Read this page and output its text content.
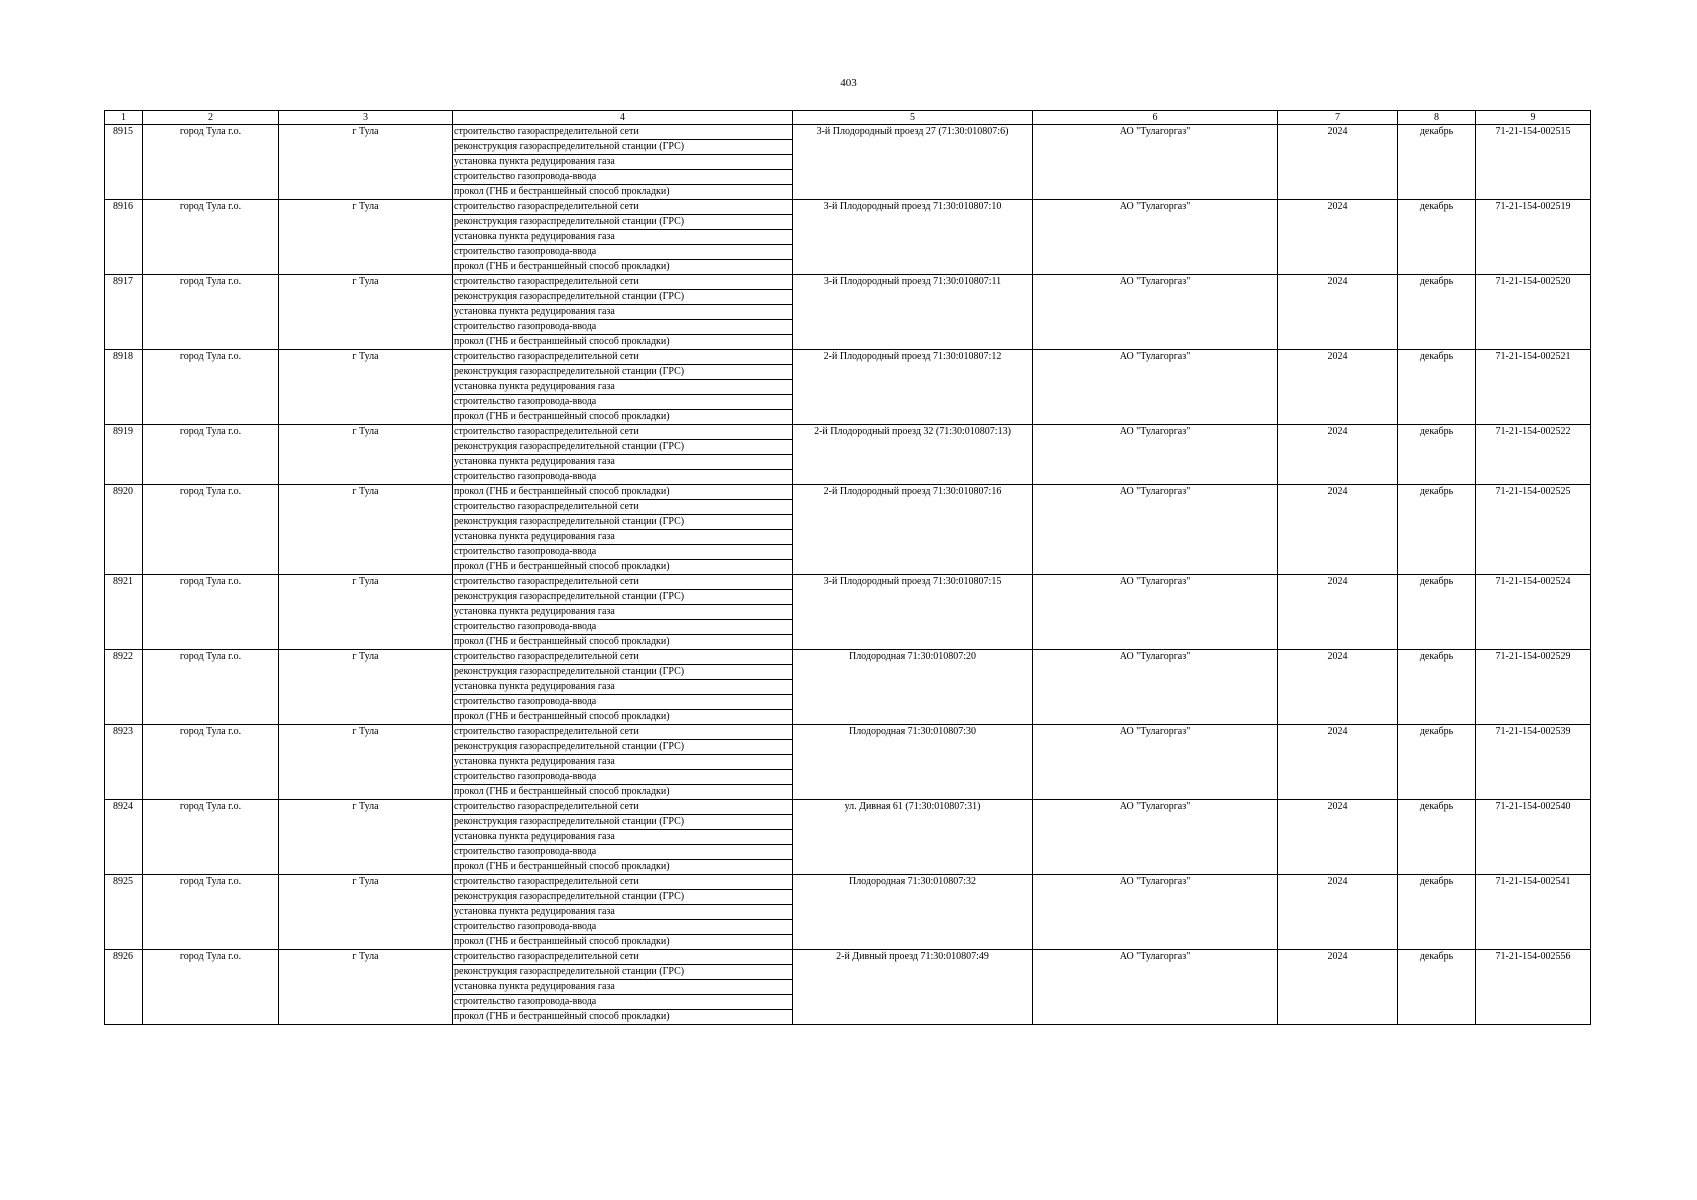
403
1	2	3	4	5	6	7	8	9
8915	город Тула г.о.	г Тула	строительство газораспределительной сети	3-й Плодородный проезд 27 (71:30:010807:6)	АО "Тулагоргаз"	2024	декабрь	71-21-154-002515
			реконструкция газораспределительной станции (ГРС)					
			установка пункта редуцирования газа					
			строительство газопровода-ввода					
			прокол (ГНБ и бестраншейный способ прокладки)					
8916	город Тула г.о.	г Тула	строительство газораспределительной сети	3-й Плодородный проезд 71:30:010807:10	АО "Тулагоргаз"	2024	декабрь	71-21-154-002519
			реконструкция газораспределительной станции (ГРС)					
			установка пункта редуцирования газа					
			строительство газопровода-ввода					
			прокол (ГНБ и бестраншейный способ прокладки)					
8917	город Тула г.о.	г Тула	строительство газораспределительной сети	3-й Плодородный проезд 71:30:010807:11	АО "Тулагоргаз"	2024	декабрь	71-21-154-002520
			реконструкция газораспределительной станции (ГРС)					
			установка пункта редуцирования газа					
			строительство газопровода-ввода					
			прокол (ГНБ и бестраншейный способ прокладки)					
8918	город Тула г.о.	г Тула	строительство газораспределительной сети	2-й Плодородный проезд 71:30:010807:12	АО "Тулагоргаз"	2024	декабрь	71-21-154-002521
			реконструкция газораспределительной станции (ГРС)					
			установка пункта редуцирования газа					
			строительство газопровода-ввода					
			прокол (ГНБ и бестраншейный способ прокладки)					
8919	город Тула г.о.	г Тула	строительство газораспределительной сети	2-й Плодородный проезд 32 (71:30:010807:13)	АО "Тулагоргаз"	2024	декабрь	71-21-154-002522
			реконструкция газораспределительной станции (ГРС)					
			установка пункта редуцирования газа					
			строительство газопровода-ввода					
8920	город Тула г.о.	г Тула	прокол (ГНБ и бестраншейный способ прокладки)	2-й Плодородный проезд 71:30:010807:16	АО "Тулагоргаз"	2024	декабрь	71-21-154-002525
			строительство газораспределительной сети					
			реконструкция газораспределительной станции (ГРС)					
			установка пункта редуцирования газа					
			строительство газопровода-ввода					
			прокол (ГНБ и бестраншейный способ прокладки)					
8921	город Тула г.о.	г Тула	строительство газораспределительной сети	3-й Плодородный проезд 71:30:010807:15	АО "Тулагоргаз"	2024	декабрь	71-21-154-002524
			реконструкция газораспределительной станции (ГРС)					
			установка пункта редуцирования газа					
			строительство газопровода-ввода					
			прокол (ГНБ и бестраншейный способ прокладки)					
8922	город Тула г.о.	г Тула	строительство газораспределительной сети	Плодородная 71:30:010807:20	АО "Тулагоргаз"	2024	декабрь	71-21-154-002529
			реконструкция газораспределительной станции (ГРС)					
			установка пункта редуцирования газа					
			строительство газопровода-ввода					
			прокол (ГНБ и бестраншейный способ прокладки)					
8923	город Тула г.о.	г Тула	строительство газораспределительной сети	Плодородная 71:30:010807:30	АО "Тулагоргаз"	2024	декабрь	71-21-154-002539
			реконструкция газораспределительной станции (ГРС)					
			установка пункта редуцирования газа					
			строительство газопровода-ввода					
			прокол (ГНБ и бестраншейный способ прокладки)					
8924	город Тула г.о.	г Тула	строительство газораспределительной сети	ул. Дивная 61 (71:30:010807:31)	АО "Тулагоргаз"	2024	декабрь	71-21-154-002540
			реконструкция газораспределительной станции (ГРС)					
			установка пункта редуцирования газа					
			строительство газопровода-ввода					
			прокол (ГНБ и бестраншейный способ прокладки)					
8925	город Тула г.о.	г Тула	строительство газораспределительной сети	Плодородная 71:30:010807:32	АО "Тулагоргаз"	2024	декабрь	71-21-154-002541
			реконструкция газораспределительной станции (ГРС)					
			установка пункта редуцирования газа					
			строительство газопровода-ввода					
			прокол (ГНБ и бестраншейный способ прокладки)					
8926	город Тула г.о.	г Тула	строительство газораспределительной сети	2-й Дивный проезд 71:30:010807:49	АО "Тулагоргаз"	2024	декабрь	71-21-154-002556
			реконструкция газораспределительной станции (ГРС)					
			установка пункта редуцирования газа					
			строительство газопровода-ввода					
			прокол (ГНБ и бестраншейный способ прокладки)					
